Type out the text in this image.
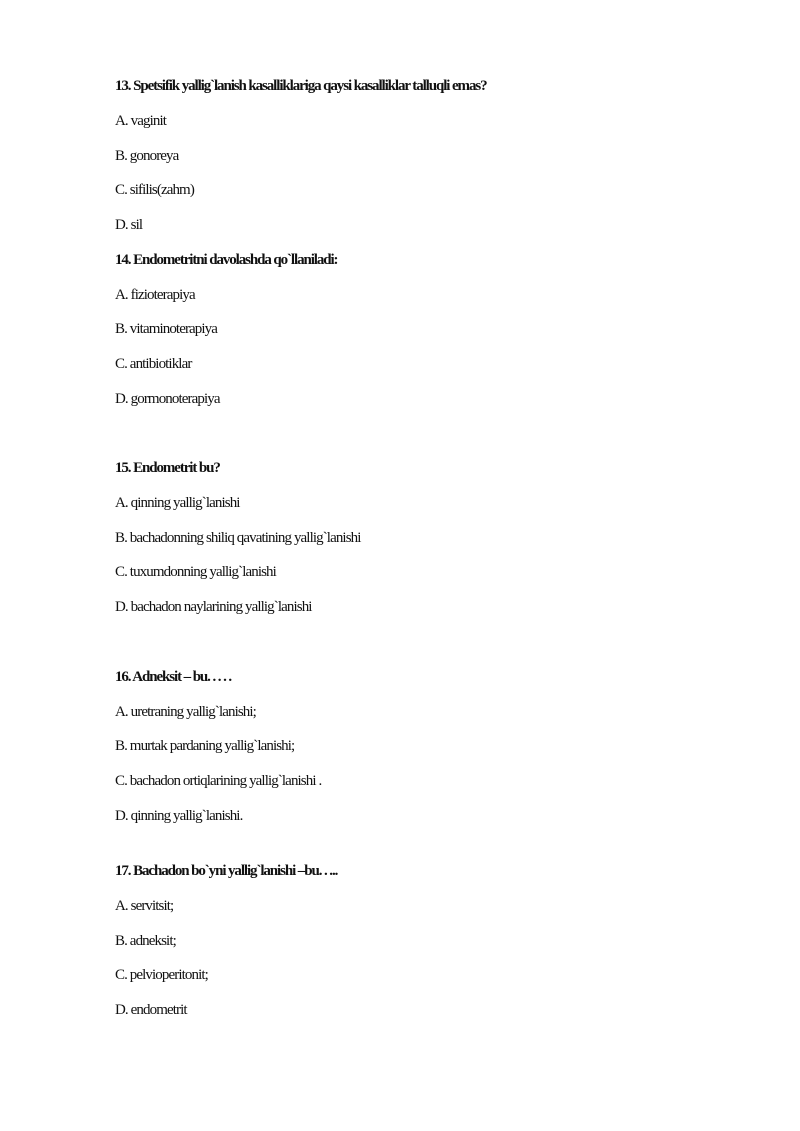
13. Spetsifik yallig`lanish kasalliklariga qaysi kasalliklar talluqli emas?
A. vaginit
B. gonoreya
C. sifilis(zahm)
D. sil
14. Endometritni davolashda qo`llaniladi:
A. fizioterapiya
B. vitaminoterapiya
C. antibiotiklar
D. gormonoterapiya
15. Endometrit bu?
A. qinning yallig`lanishi
B. bachadonning shiliq qavatining yallig`lanishi
C. tuxumdonning yallig`lanishi
D. bachadon naylarining yallig`lanishi
16. Adneksit – bu. . . . .
A. uretraning yallig`lanishi;
B. murtak pardaning yallig`lanishi;
C. bachadon ortiqlarining yallig`lanishi .
D. qinning yallig`lanishi.
17. Bachadon bo`yni yallig`lanishi –bu. . ...
A. servitsit;
B. adneksit;
C. pelvioperitonit;
D. endometrit
